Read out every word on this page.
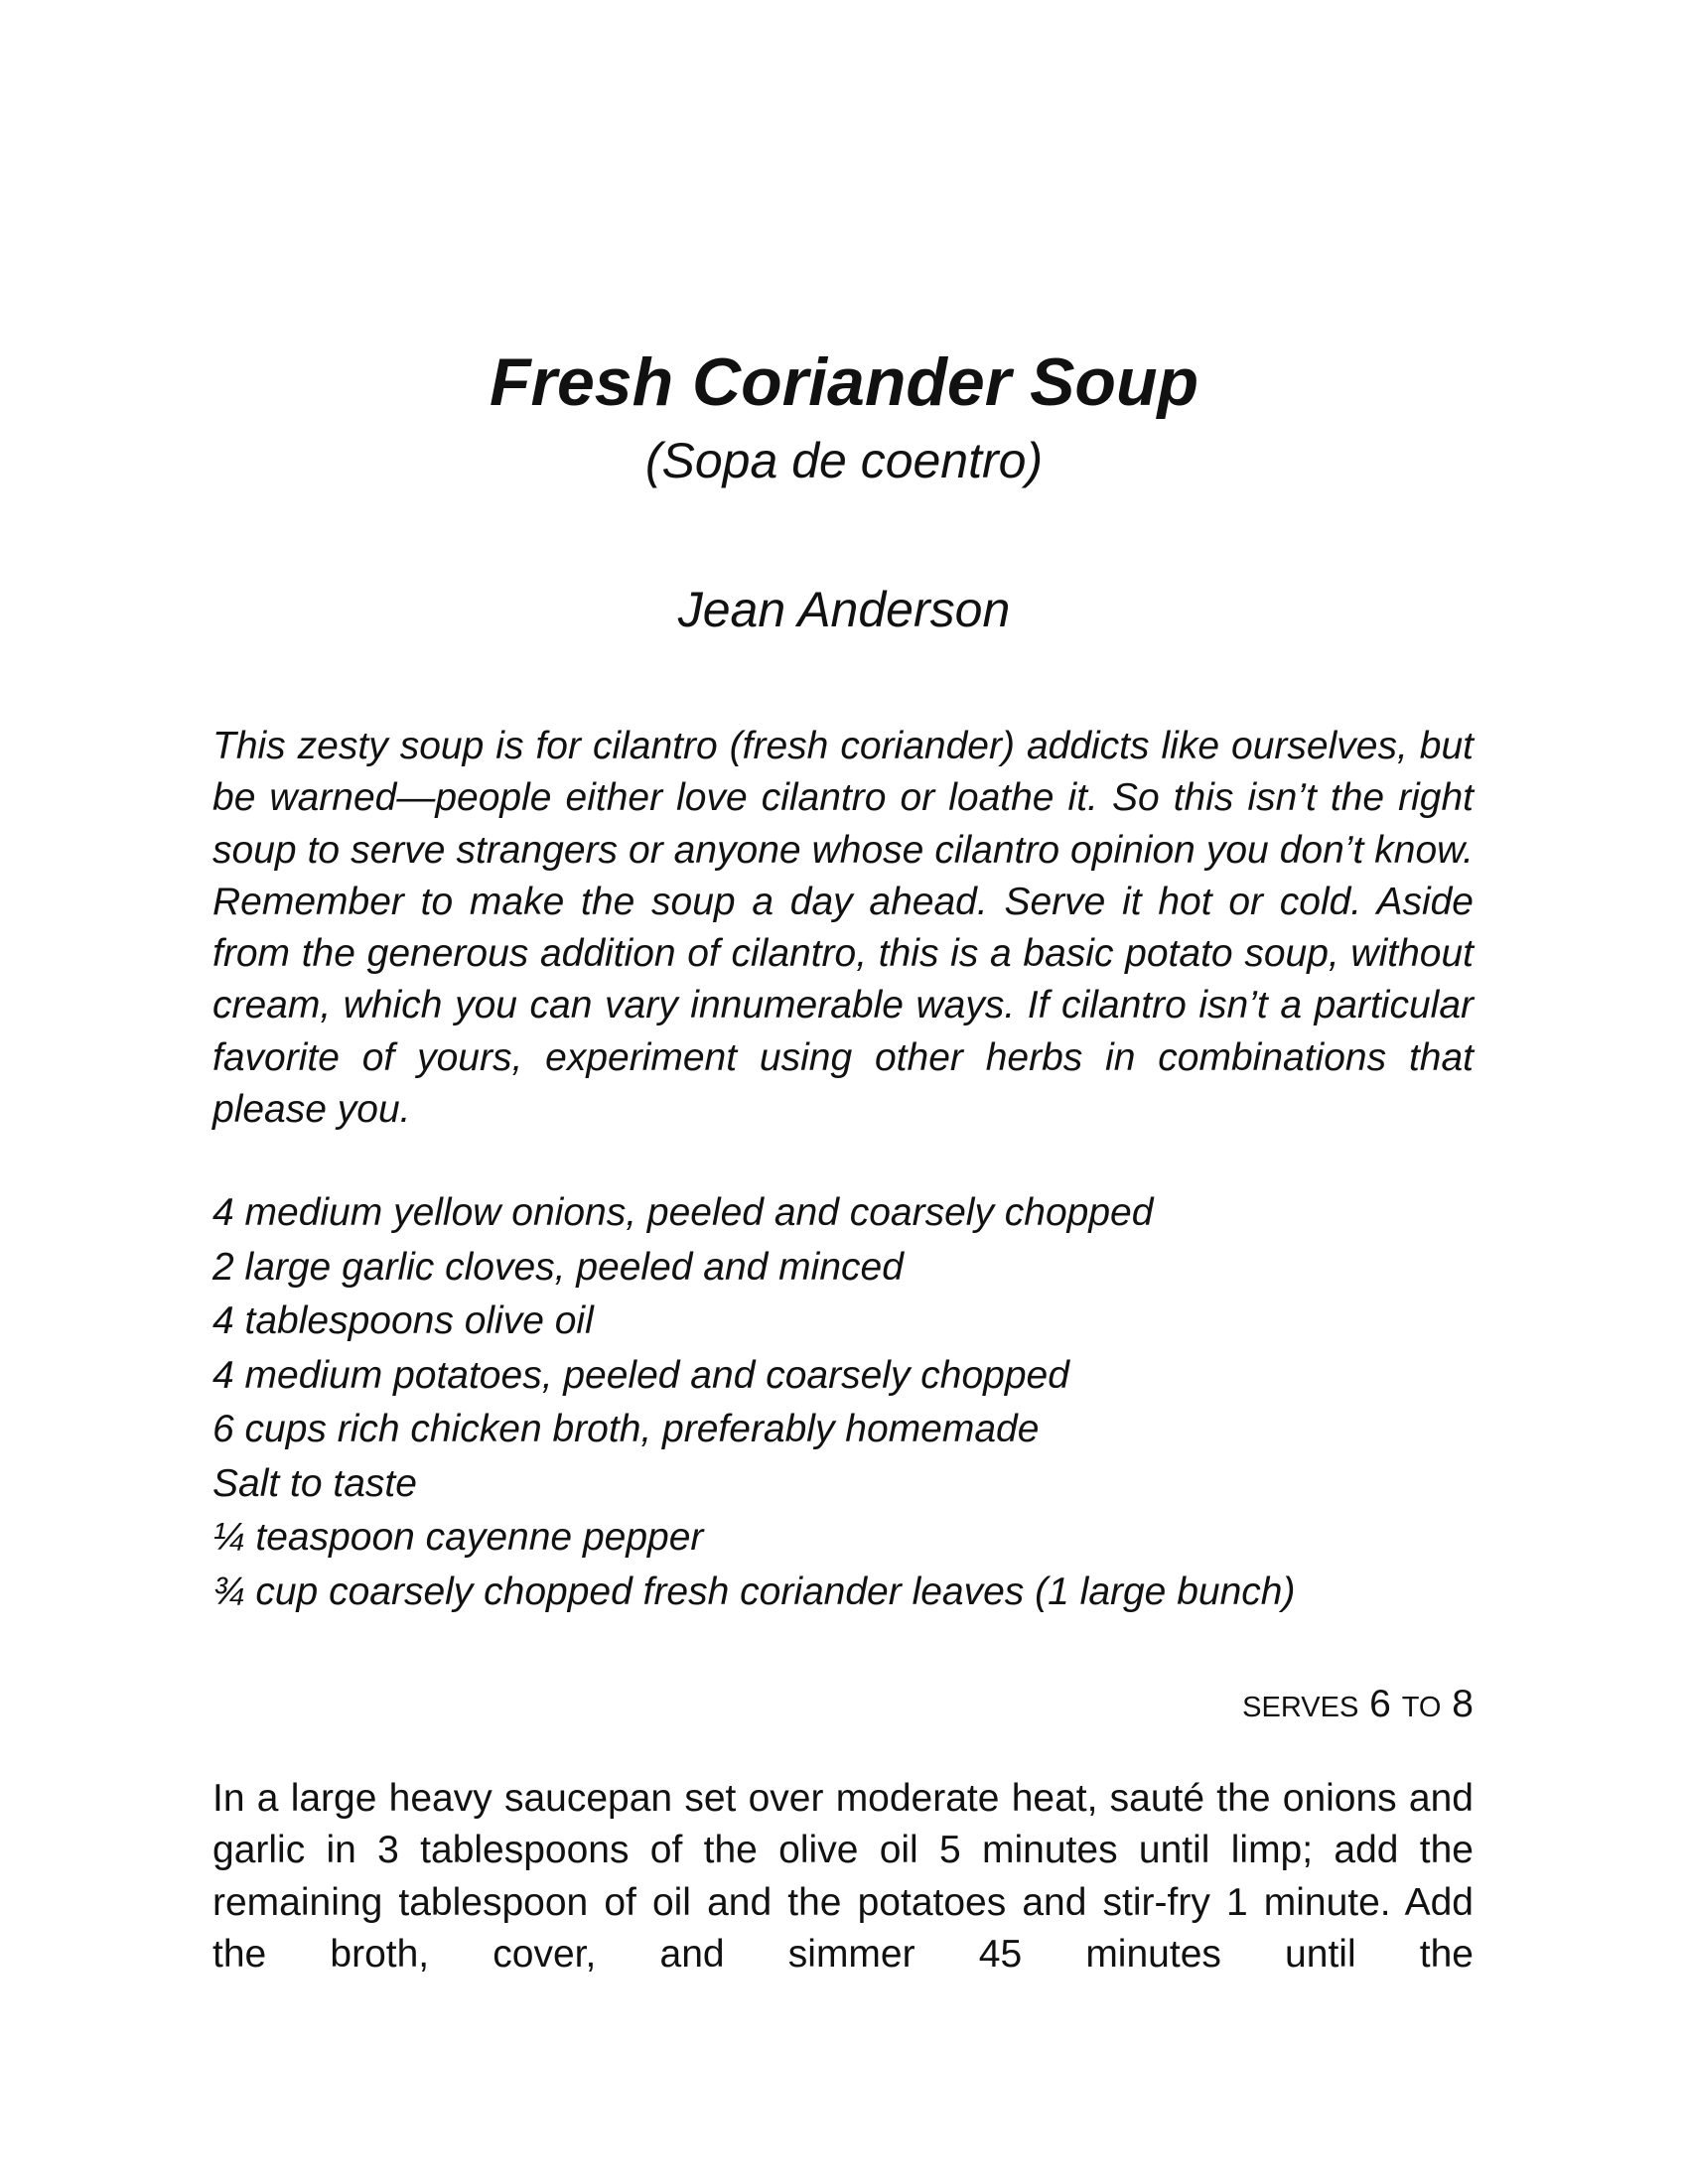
Fresh Coriander Soup
(Sopa de coentro)
Jean Anderson

This zesty soup is for cilantro (fresh coriander) addicts like ourselves, but be warned—people either love cilantro or loathe it. So this isn’t the right soup to serve strangers or anyone whose cilantro opinion you don’t know. Remember to make the soup a day ahead. Serve it hot or cold. Aside from the generous addition of cilantro, this is a basic potato soup, without cream, which you can vary innumerable ways. If cilantro isn’t a particular favorite of yours, experiment using other herbs in combinations that please you.

4 medium yellow onions, peeled and coarsely chopped
2 large garlic cloves, peeled and minced
4 tablespoons olive oil
4 medium potatoes, peeled and coarsely chopped
6 cups rich chicken broth, preferably homemade
Salt to taste
¼ teaspoon cayenne pepper
¾ cup coarsely chopped fresh coriander leaves (1 large bunch)
SERVES 6 TO 8

In a large heavy saucepan set over moderate heat, sauté the onions and garlic in 3 tablespoons of the olive oil 5 minutes until limp; add the remaining tablespoon of oil and the potatoes and stir-fry 1 minute. Add the broth, cover, and simmer 45 minutes until the
